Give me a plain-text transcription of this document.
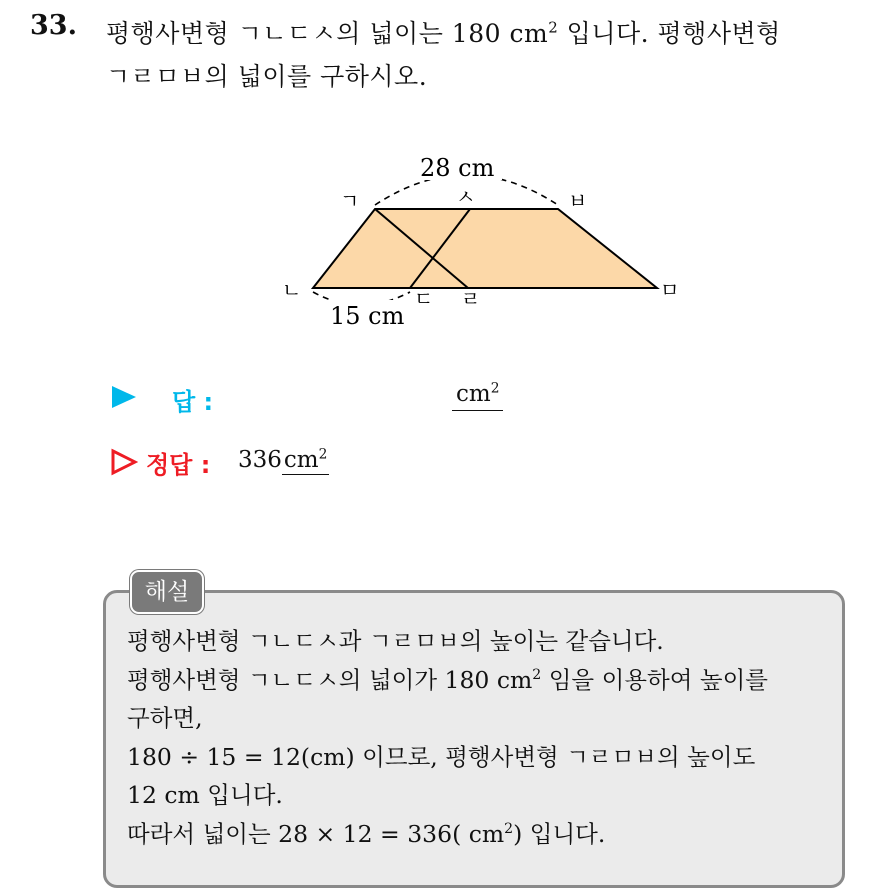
33. 평행사변형 ㄱㄴㄷㅅ의 넓이는 180 $cm^2$ 입니다. 평행사변형
ㄱㄹㅁㅂ의 넓이를 구하시오.
28 cm
15 cm
ㄱ	ㅅ	ㅂ
ㄴ	ㄷ ㄹ	ㅁ
답 :	$cm^2$
정답 : $336cm^2$
해설
평행사변형 ㄱㄴㄷㅅ과 ㄱㄹㅁㅂ의 높이는 같습니다.
평행사변형 ㄱㄴㄷㅅ의 넓이가 180 $cm^2$ 임을 이용하여 높이를
구하면,
180 ÷ 15 = 12(cm) 이므로, 평행사변형 ㄱㄹㅁㅂ의 높이도
12 cm 입니다.
따라서 넓이는 28 × 12 = 336( $cm^2$) 입니다.
